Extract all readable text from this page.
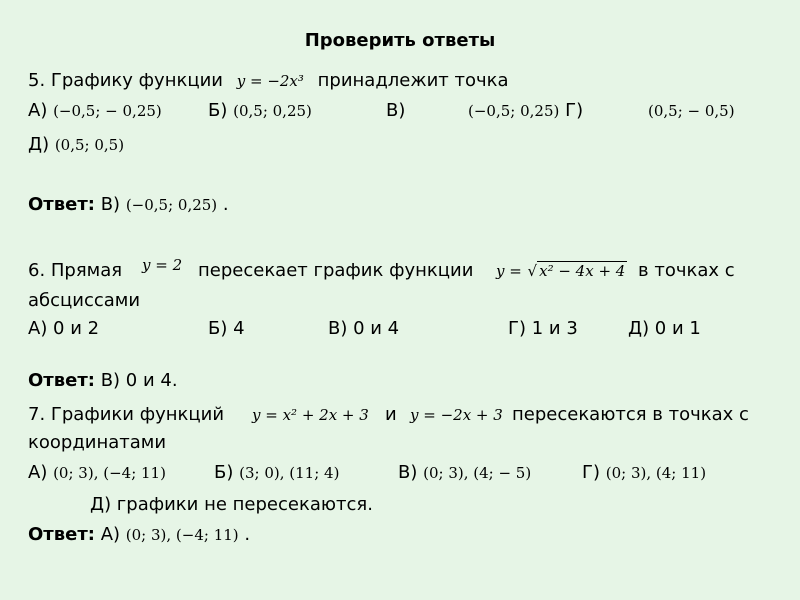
Проверить ответы
5. Графику функции y = −2x³ принадлежит точка
А) (−0,5; − 0,25)	Б) (0,5; 0,25)	В)	(−0,5; 0,25) Г)	(0,5; − 0,5)
Д) (0,5; 0,5)
Ответ: В) (−0,5; 0,25) .
6. Прямая y = 2 пересекает график функции y = √ x² − 4x + 4 в точках с
абсциссами
А) 0 и 2	Б) 4	В) 0 и 4	Г) 1 и 3	Д) 0 и 1
Ответ: В) 0 и 4.
7. Графики функций y = x² + 2x + 3 и y = −2x + 3 пересекаются в точках с
координатами
А) (0; 3), (−4; 11)	Б) (3; 0), (11; 4)	В) (0; 3), (4; − 5)	Г) (0; 3), (4; 11)
Д) графики не пересекаются.
Ответ: А) (0; 3), (−4; 11) .
